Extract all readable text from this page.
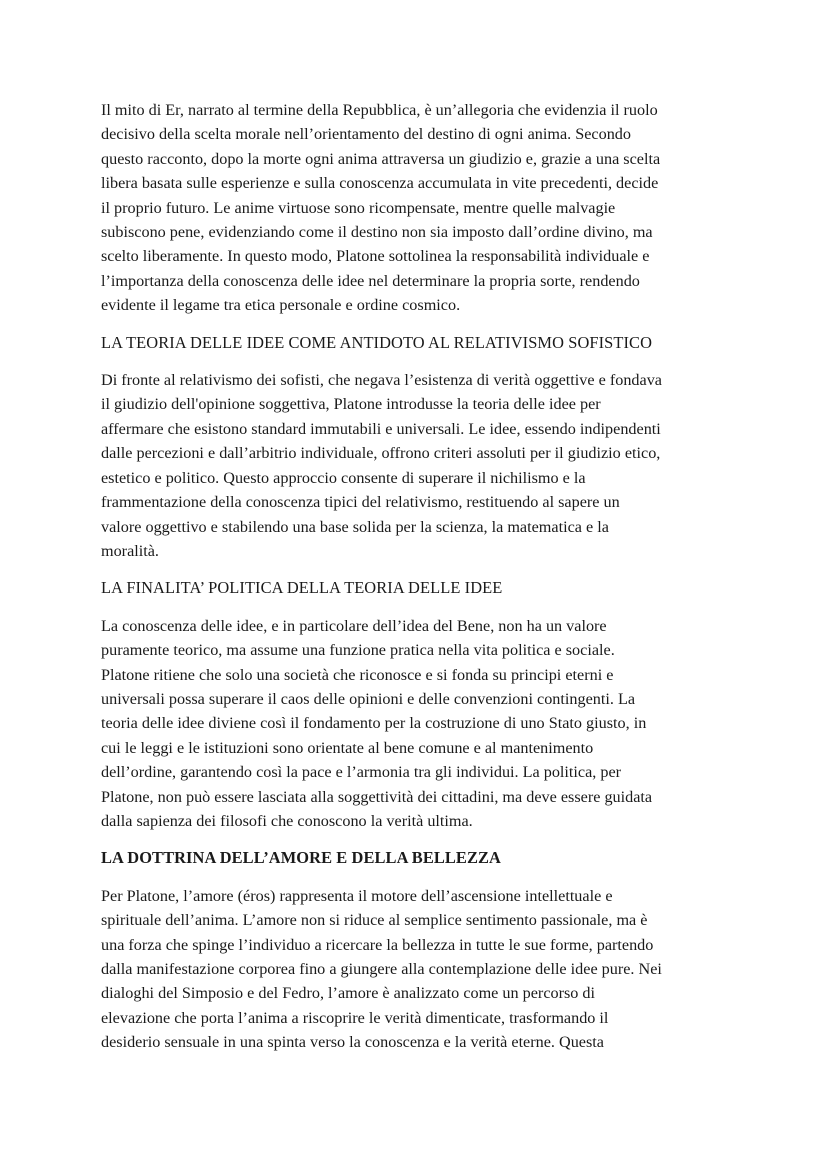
Il mito di Er, narrato al termine della Repubblica, è un’allegoria che evidenzia il ruolo
decisivo della scelta morale nell’orientamento del destino di ogni anima. Secondo
questo racconto, dopo la morte ogni anima attraversa un giudizio e, grazie a una scelta
libera basata sulle esperienze e sulla conoscenza accumulata in vite precedenti, decide
il proprio futuro. Le anime virtuose sono ricompensate, mentre quelle malvagie
subiscono pene, evidenziando come il destino non sia imposto dall’ordine divino, ma
scelto liberamente. In questo modo, Platone sottolinea la responsabilità individuale e
l’importanza della conoscenza delle idee nel determinare la propria sorte, rendendo
evidente il legame tra etica personale e ordine cosmico.
LA TEORIA DELLE IDEE COME ANTIDOTO AL RELATIVISMO SOFISTICO
Di fronte al relativismo dei sofisti, che negava l’esistenza di verità oggettive e fondava
il giudizio dell'opinione soggettiva, Platone introdusse la teoria delle idee per
affermare che esistono standard immutabili e universali. Le idee, essendo indipendenti
dalle percezioni e dall’arbitrio individuale, offrono criteri assoluti per il giudizio etico,
estetico e politico. Questo approccio consente di superare il nichilismo e la
frammentazione della conoscenza tipici del relativismo, restituendo al sapere un
valore oggettivo e stabilendo una base solida per la scienza, la matematica e la
moralità.
LA FINALITA’ POLITICA DELLA TEORIA DELLE IDEE
La conoscenza delle idee, e in particolare dell’idea del Bene, non ha un valore
puramente teorico, ma assume una funzione pratica nella vita politica e sociale.
Platone ritiene che solo una società che riconosce e si fonda su principi eterni e
universali possa superare il caos delle opinioni e delle convenzioni contingenti. La
teoria delle idee diviene così il fondamento per la costruzione di uno Stato giusto, in
cui le leggi e le istituzioni sono orientate al bene comune e al mantenimento
dell’ordine, garantendo così la pace e l’armonia tra gli individui. La politica, per
Platone, non può essere lasciata alla soggettività dei cittadini, ma deve essere guidata
dalla sapienza dei filosofi che conoscono la verità ultima.
LA DOTTRINA DELL’AMORE E DELLA BELLEZZA
Per Platone, l’amore (éros) rappresenta il motore dell’ascensione intellettuale e
spirituale dell’anima. L’amore non si riduce al semplice sentimento passionale, ma è
una forza che spinge l’individuo a ricercare la bellezza in tutte le sue forme, partendo
dalla manifestazione corporea fino a giungere alla contemplazione delle idee pure. Nei
dialoghi del Simposio e del Fedro, l’amore è analizzato come un percorso di
elevazione che porta l’anima a riscoprire le verità dimenticate, trasformando il
desiderio sensuale in una spinta verso la conoscenza e la verità eterne. Questa
